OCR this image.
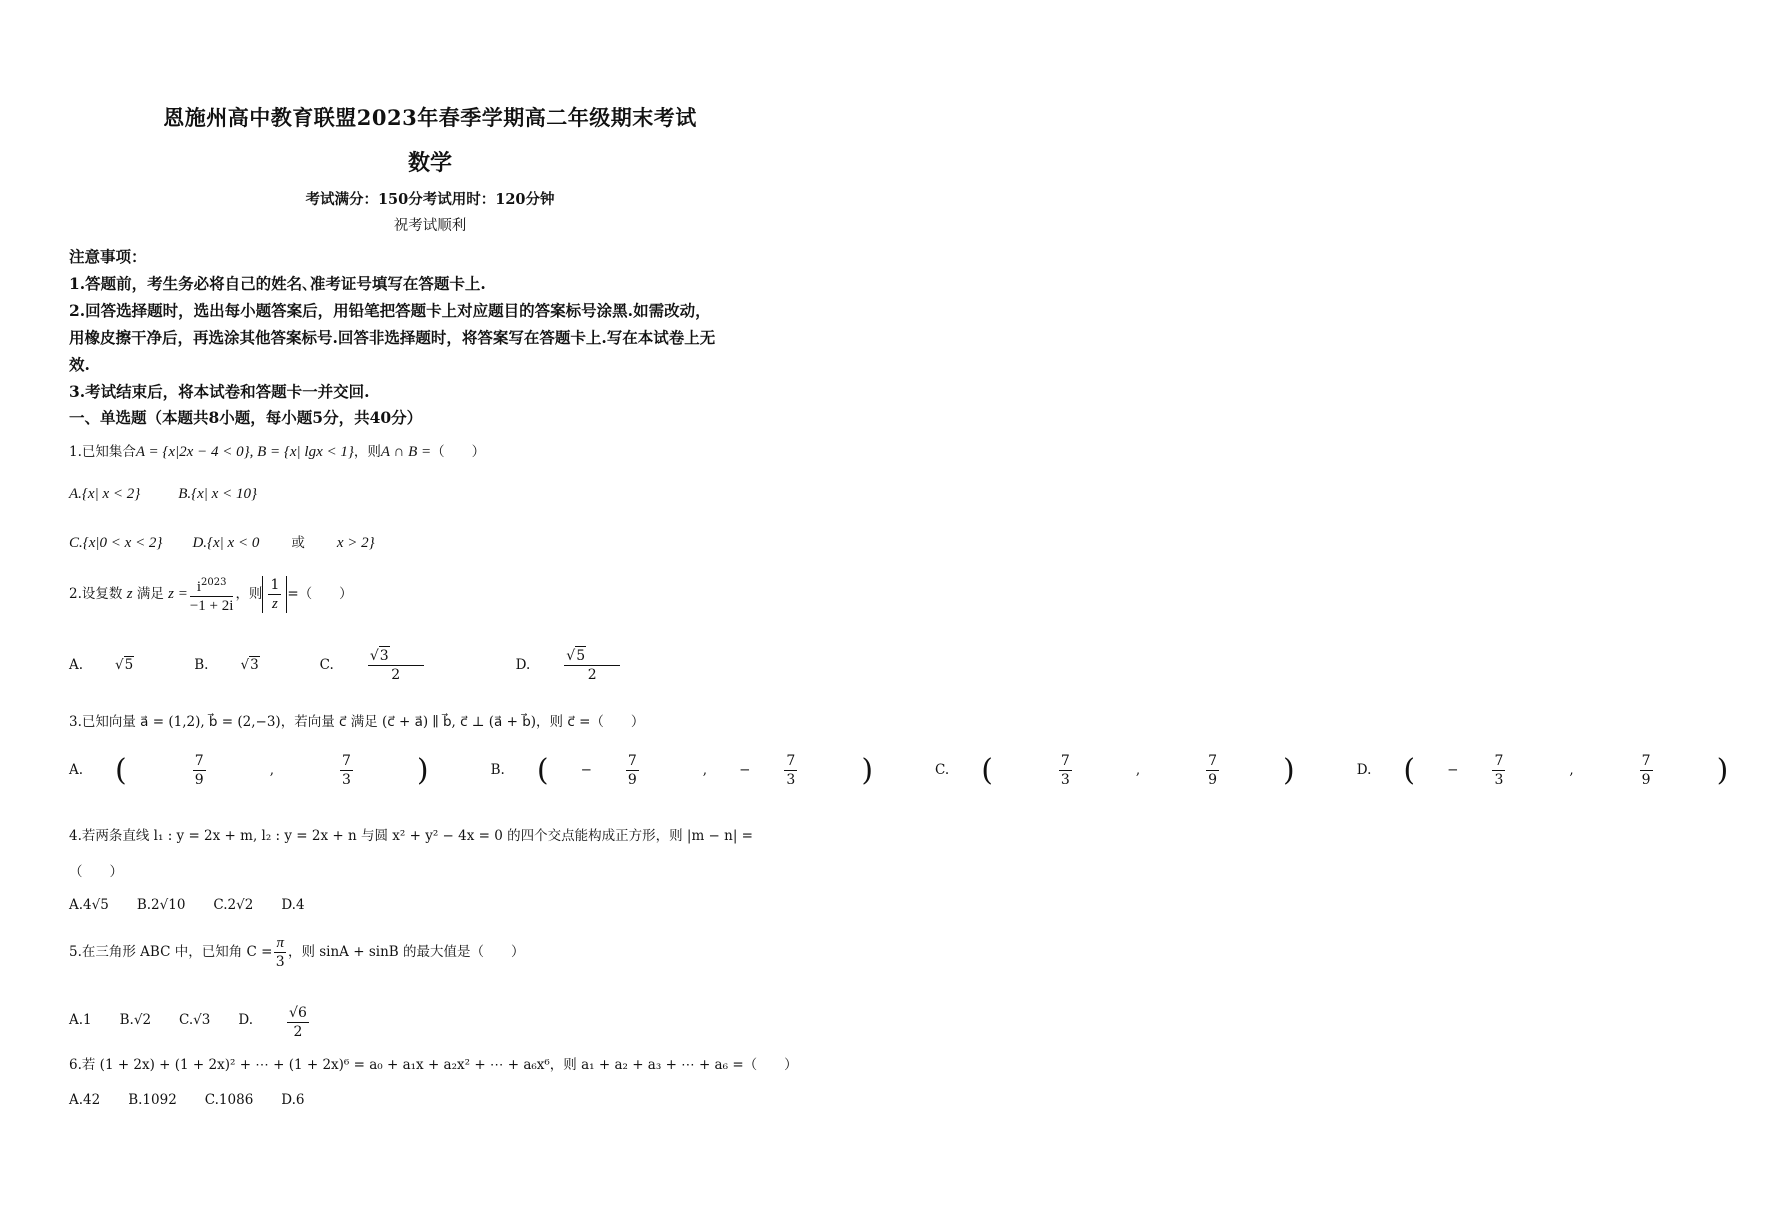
恩施州高中教育联盟2023年春季学期高二年级期末考试
数学
考试满分：150分考试用时：120分钟
祝考试顺利
注意事项：
1.答题前，考生务必将自己的姓名､准考证号填写在答题卡上.
2.回答选择题时，选出每小题答案后，用铅笔把答题卡上对应题目的答案标号涂黑.如需改动，
用橡皮擦干净后，再选涂其他答案标号.回答非选择题时，将答案写在答题卡上.写在本试卷上无
效.
3.考试结束后，将本试卷和答题卡一并交回.
一、单选题（本题共8小题，每小题5分，共40分）
1.已知集合A = {x|2x − 4 < 0}, B = {x| lgx < 1}，则A ∩ B =（　　）
A.{x| x < 2}	B.{x| x < 10}
C.{x|0 < x < 2} D.{x| x < 0 或 x > 2}
2.设复数 z 满足 $z = \frac{i^{2023}}{-1 + 2i}$ ，则 $\frac{1}{z}$ =（　　）
A. √5	B. √3	C. $\frac{√3}{2}$	D. $\frac{√5}{2}$
3.已知向量 a⃗ = (1,2), b⃗ = (2,−3)，若向量 c⃗ 满足 (c⃗ + a⃗) ∥ b⃗, c⃗ ⊥ (a⃗ + b⃗)，则 c⃗ =（　　）
A. (	$\frac{7}{9}$ ,	$\frac{7}{3}$ )	B. ( − $\frac{7}{9}$ , − $\frac{7}{3}$ )	C. (	$\frac{7}{3}$ ,	$\frac{7}{9}$ )	D. ( − $\frac{7}{3}$ ,	$\frac{7}{9}$ )
4.若两条直线 l₁ : y = 2x + m, l₂ : y = 2x + n 与圆 x² + y² − 4x = 0 的四个交点能构成正方形，则 |m − n| =
（　　）
A.4√5 B.2√10 C.2√2 D.4
5.在三角形 ABC 中，已知角 $C = \frac{\pi}{3}$ ，则 sinA + sinB 的最大值是（　　）
A.1 B.√2 C.√3 D. $\frac{√6}{2}$
6.若 (1 + 2x) + (1 + 2x)² + ⋯ + (1 + 2x)⁶ = a₀ + a₁x + a₂x² + ⋯ + a₆x⁶，则 a₁ + a₂ + a₃ + ⋯ + a₆ =（　　）
A.42 B.1092 C.1086 D.6
